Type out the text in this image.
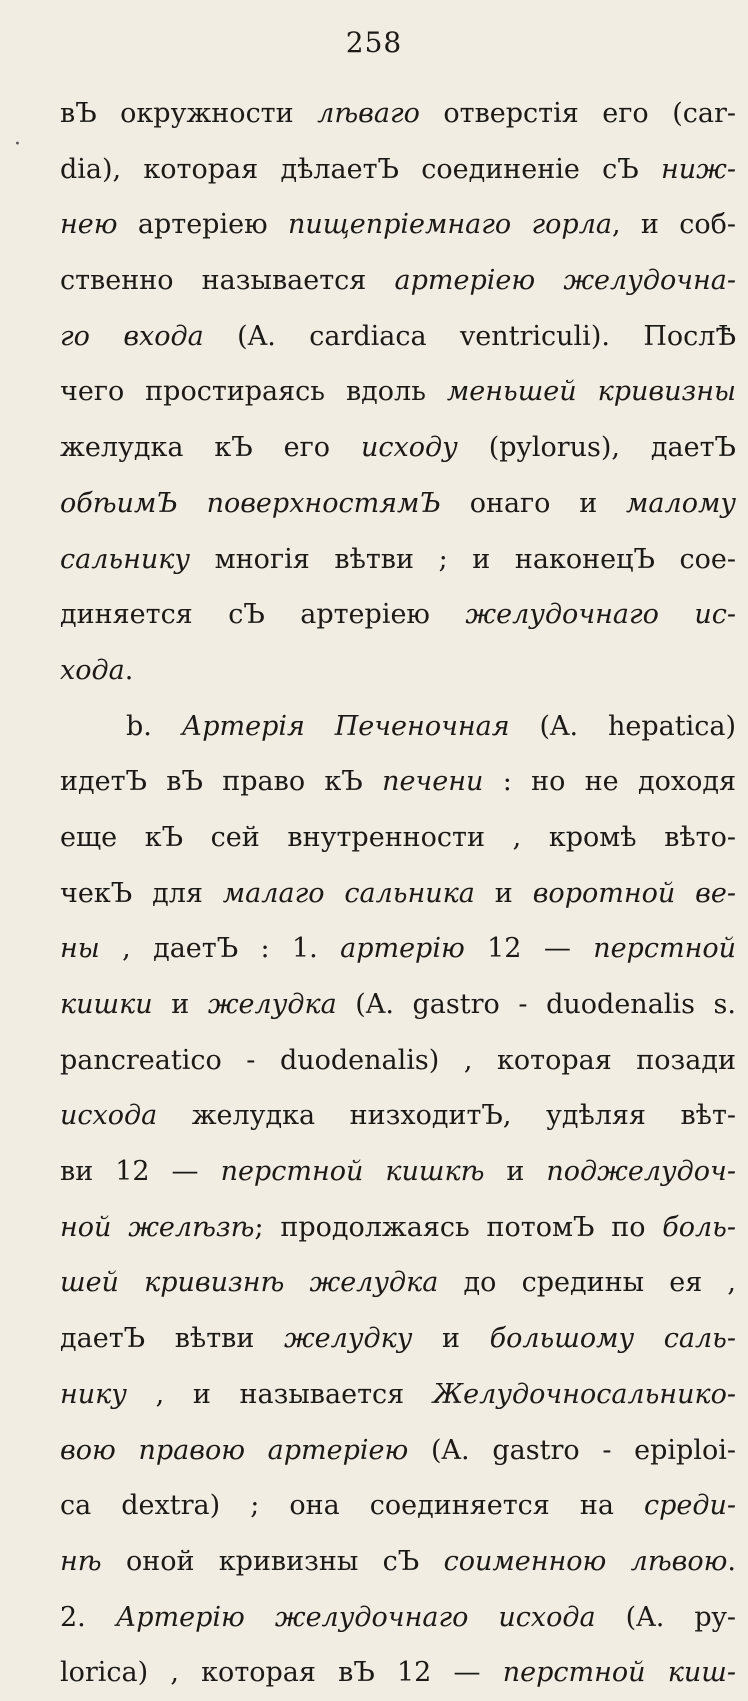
258
·
вЪ окружности лѣваго отверстія его (car-
dia), которая дѣлаетЪ соединеніе сЪ ниж-
нею артеріею пищепріемнаго горла, и соб-
ственно называется артеріею желудочна-
го входа (A. cardiaca ventriculi). ПослѢ
чего простираясь вдоль меньшей кривизны
желудка кЪ его исходу (pylorus), даетЪ
обѣимЪ поверхностямЪ онаго и малому
сальнику многія вѣтви ; и наконецЪ сое-
диняется сЪ артеріею желудочнаго ис-
хода.
b. Артерія Печеночная (A. hepatica)
идетЪ вЪ право кЪ печени : но не доходя
еще кЪ сей внутренности , кромѣ вѣто-
чекЪ для малаго сальника и воротной ве-
ны , даетЪ : 1. артерію 12 — перстной
кишки и желудка (A. gastro - duodenalis s.
pancreatico - duodenalis) , которая позади
исхода желудка низходитЪ, удѣляя вѣт-
ви 12 — перстной кишкѣ и поджелудоч-
ной желѣзѣ; продолжаясь потомЪ по боль-
шей кривизнѣ желудка до средины ея ,
даетЪ вѣтви желудку и большому саль-
нику , и называется Желудочносальнико-
вою правою артеріею (A. gastro - epiploi-
ca dextra) ; она соединяется на среди-
нѣ оной кривизны сЪ соименною лѣвою.
2. Артерію желудочнаго исхода (A. py-
lorica) , которая вЪ 12 — перстной киш-
